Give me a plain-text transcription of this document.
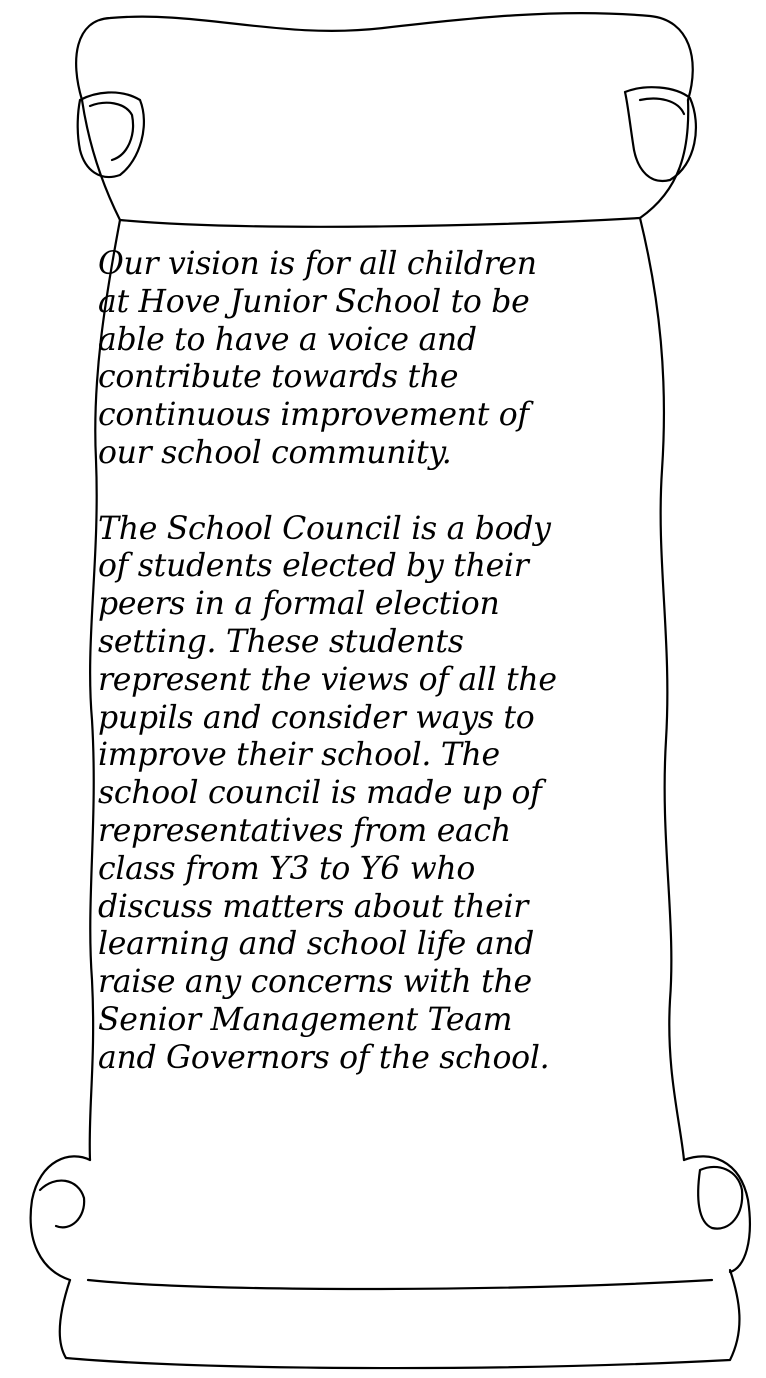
Our vision is for all children
at Hove Junior School to be
able to have a voice and
contribute towards the
continuous improvement of
our school community.
The School Council is a body
of students elected by their
peers in a formal election
setting. These students
represent the views of all the
pupils and consider ways to
improve their school. The
school council is made up of
representatives from each
class from Y3 to Y6 who
discuss matters about their
learning and school life and
raise any concerns with the
Senior Management Team
and Governors of the school.
